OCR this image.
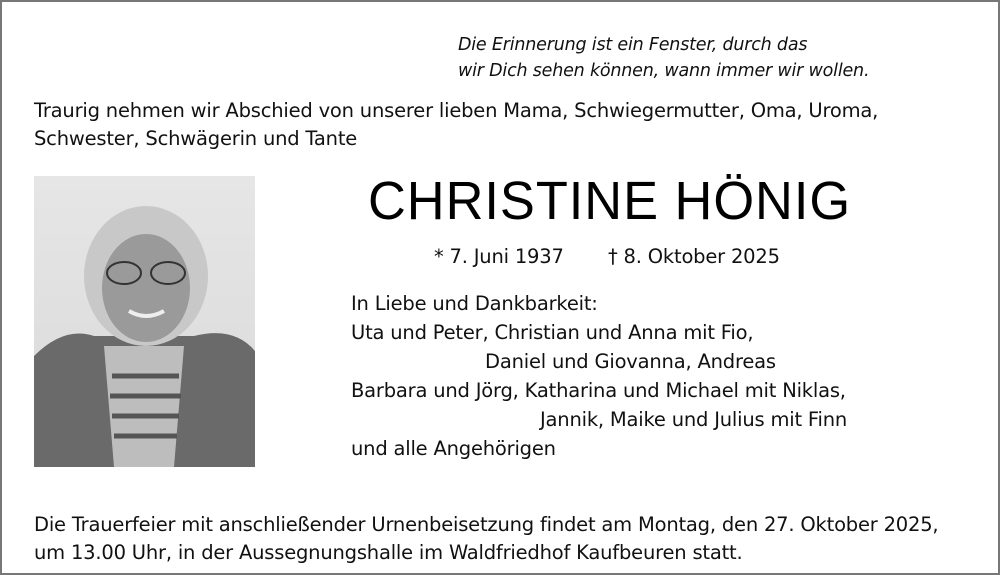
Die Erinnerung ist ein Fenster, durch das
wir Dich sehen können, wann immer wir wollen.
Traurig nehmen wir Abschied von unserer lieben Mama, Schwiegermutter, Oma, Uroma,
Schwester, Schwägerin und Tante
CHRISTINE HÖNIG
* 7. Juni 1937 † 8. Oktober 2025
In Liebe und Dankbarkeit:
Uta und Peter, Christian und Anna mit Fio,
Daniel und Giovanna, Andreas
Barbara und Jörg, Katharina und Michael mit Niklas,
Jannik, Maike und Julius mit Finn
und alle Angehörigen
Die Trauerfeier mit anschließender Urnenbeisetzung findet am Montag, den 27. Oktober 2025,
um 13.00 Uhr, in der Aussegnungshalle im Waldfriedhof Kaufbeuren statt.
